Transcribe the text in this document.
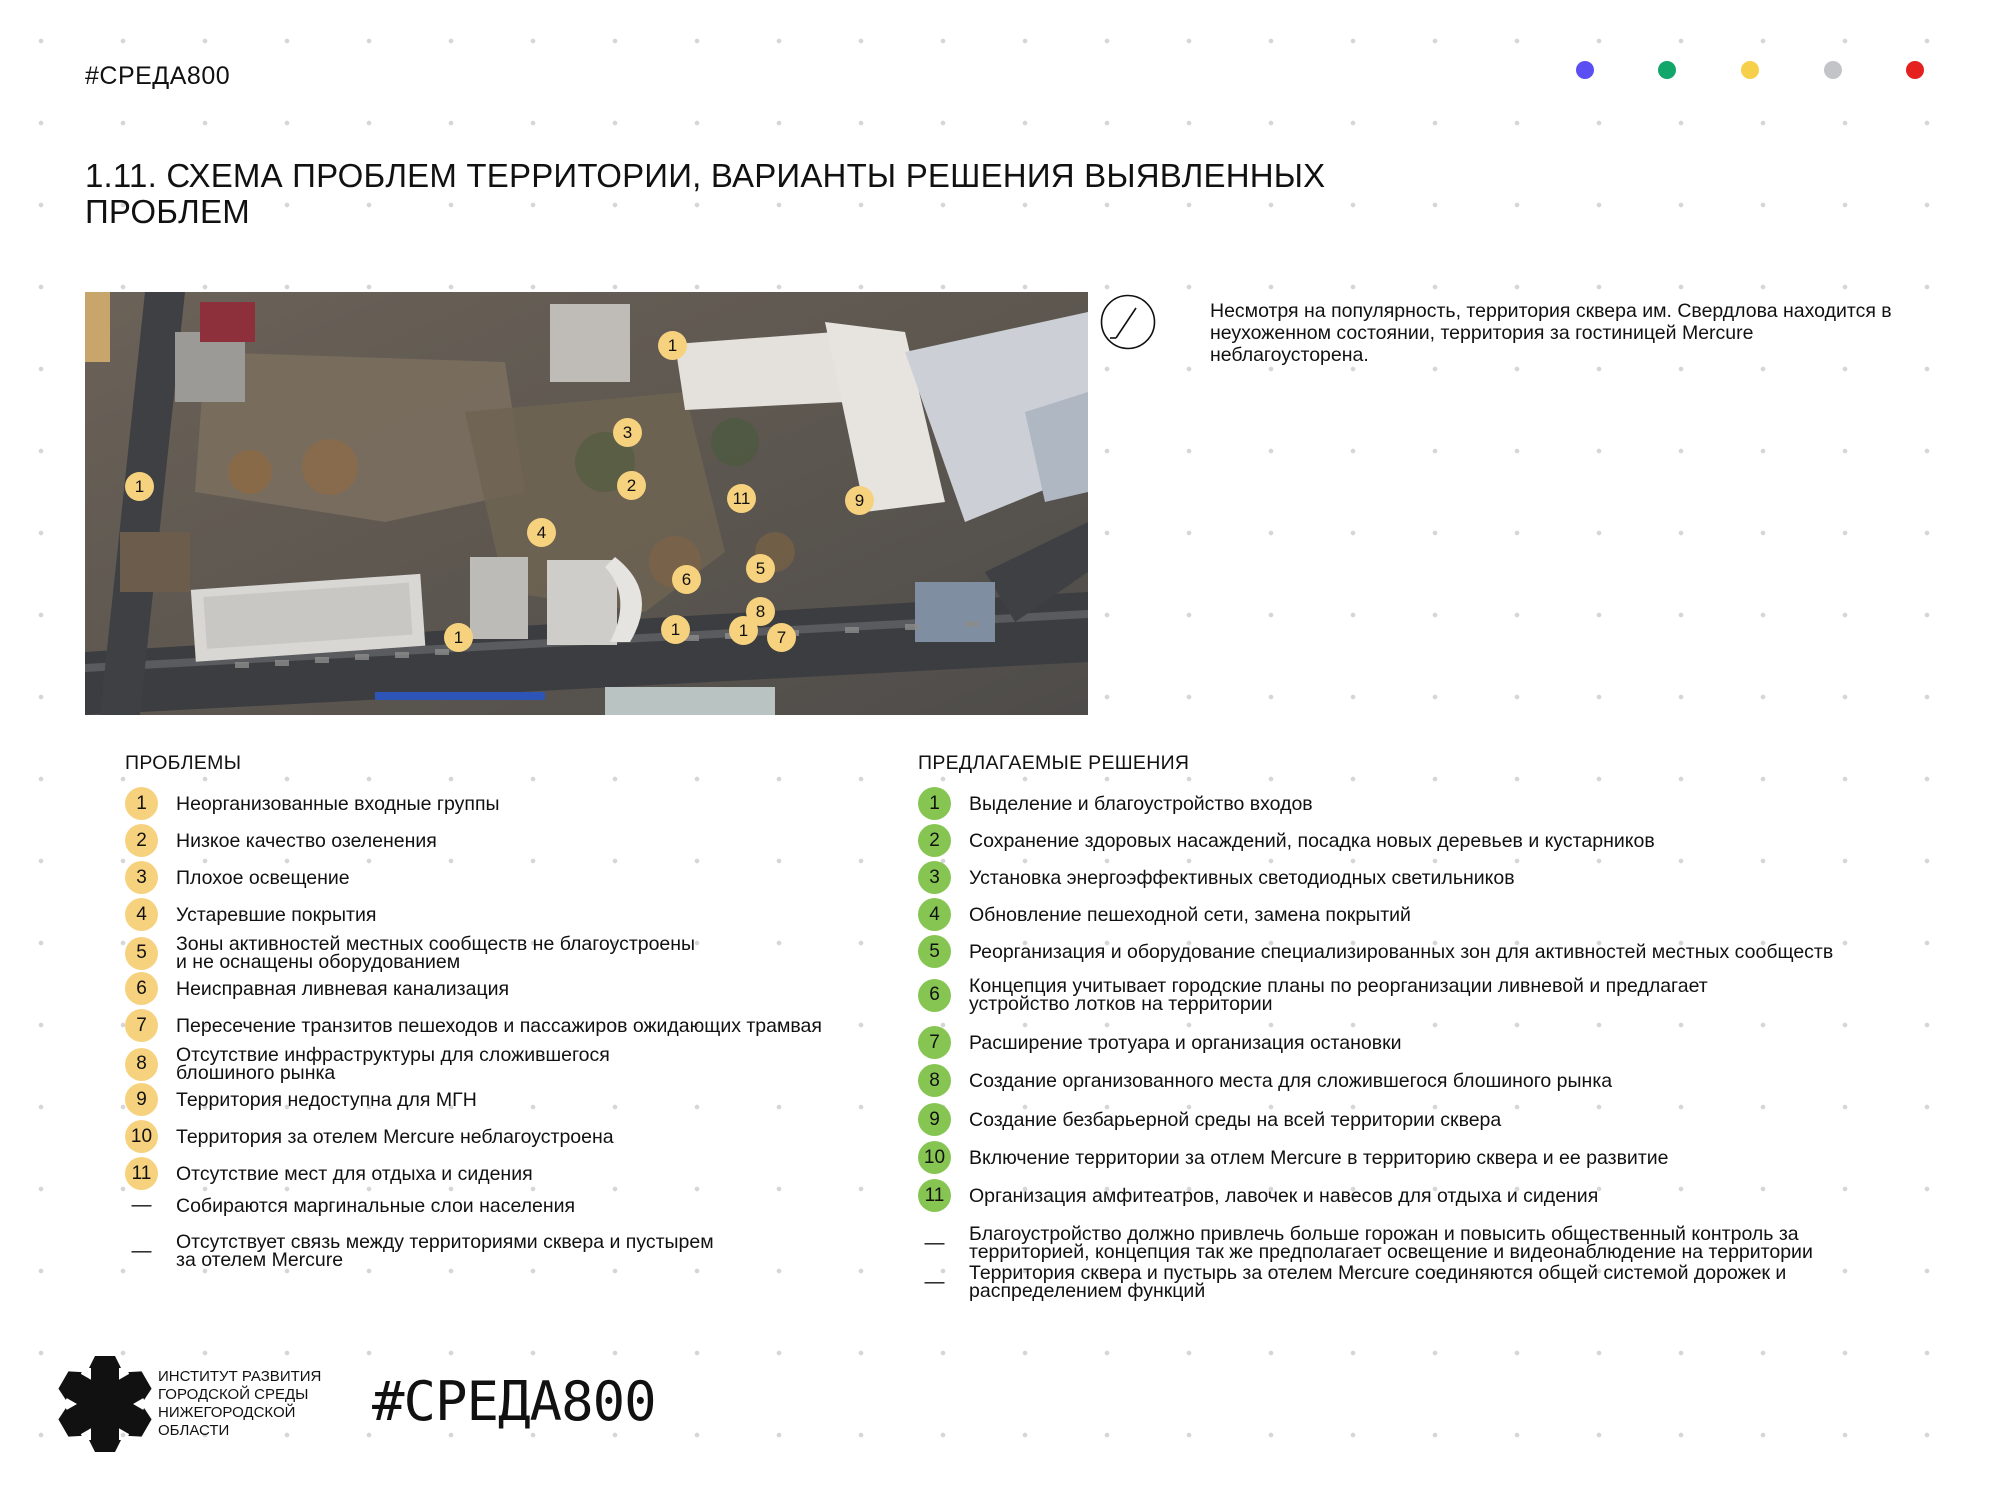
#СРЕДА800
1.11. СХЕМА ПРОБЛЕМ ТЕРРИТОРИИ, ВАРИАНТЫ РЕШЕНИЯ ВЫЯВЛЕННЫХ
ПРОБЛЕМ
1
1	1	1
1
2
3
4
5
6
7
8
9
11

Несмотря на популярность, территория сквера им. Свердлова находится в неухоженном состоянии, территория за гостиницей Mercure неблагоусторена.

ПРОБЛЕМЫ
1	Неорганизованные входные группы
2	Низкое качество озеленения
3	Плохое освещение
4	Устаревшие покрытия
5	Зоны активностей местных сообществ не благоустроены
и не оснащены оборудованием
6	Неисправная ливневая канализация
7	Пересечение транзитов пешеходов и пассажиров ожидающих трамвая
8	Отсутствие инфраструктуры для сложившегося
блошиного рынка
9	Территория недоступна для МГН
10	Территория за отелем Mercure неблагоустроена
11	Отсутствие мест для отдыха и сидения
—	Собираются маргинальные слои населения
—	Отсутствует связь между территориями сквера и пустырем
за отелем Mercure
ПРЕДЛАГАЕМЫЕ РЕШЕНИЯ
1	Выделение и благоустройство входов
2	Сохранение здоровых насаждений, посадка новых деревьев и кустарников
3	Установка энергоэффективных светодиодных светильников
4	Обновление пешеходной сети, замена покрытий
5	Реорганизация и оборудование специализированных зон для активностей местных сообществ
6	Концепция учитывает городские планы по реорганизации ливневой и предлагает
устройство лотков на территории
7	Расширение тротуара и организация остановки
8	Создание организованного места для сложившегося блошиного рынка
9	Создание безбарьерной среды на всей территории сквера
10	Включение территории за отлем Mercure в территорию сквера и ее развитие
11	Организация амфитеатров, лавочек и навесов для отдыха и сидения
—	Благоустройство должно привлечь больше горожан и повысить общественный контроль за
территорией, концепция так же предполагает освещение и видеонаблюдение на территории
—	Территория сквера и пустырь за отелем Mercure соединяются общей системой дорожек и
распределением функций
ИНСТИТУТ РАЗВИТИЯ
ГОРОДСКОЙ СРЕДЫ
НИЖЕГОРОДСКОЙ
ОБЛАСТИ	#СРЕДА800
